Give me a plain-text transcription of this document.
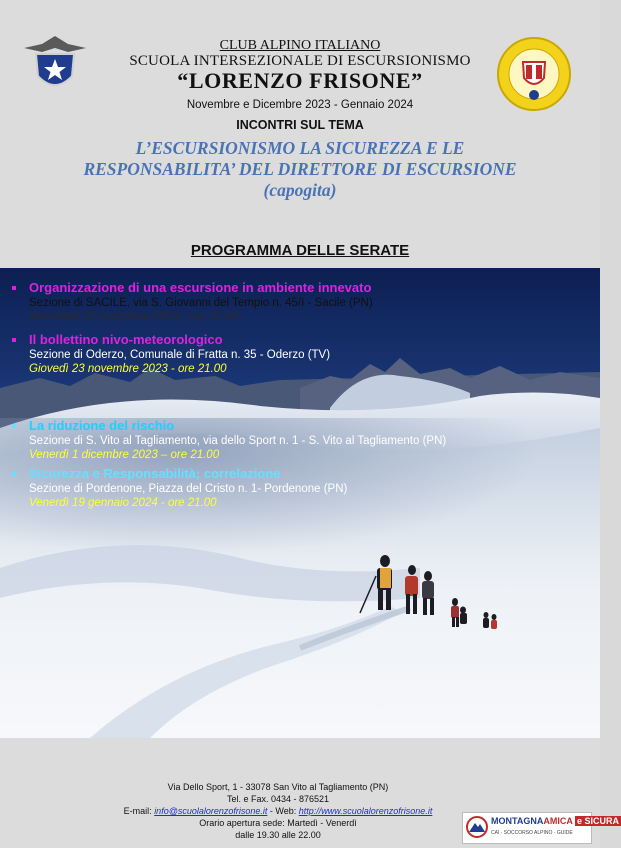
CLUB ALPINO ITALIANO
SCUOLA INTERSEZIONALE DI ESCURSIONISMO
“LORENZO FRISONE”
Novembre e Dicembre 2023 - Gennaio 2024
INCONTRI SUL TEMA
L’ESCURSIONISMO LA SICUREZZA E LE
RESPONSABILITA’ DEL DIRETTORE DI ESCURSIONE
(capogita)
PROGRAMMA DELLE SERATE
Organizzazione di una escursione in ambiente innevato
Sezione di SACILE, via S. Giovanni del Tempio n. 45/I - Sacile (PN)
Mercoledì 22 novembre 2023 - ore 21.00
Il bollettino nivo-meteorologico
Sezione di Oderzo, Comunale di Fratta n. 35 - Oderzo (TV)
Giovedì 23 novembre 2023 - ore 21.00
La riduzione del rischio
Sezione di S. Vito al Tagliamento, via dello Sport n. 1 - S. Vito al Tagliamento (PN)
Venerdì 1 dicembre 2023 – ore 21.00
Sicurezza e Responsabilità; correlazione
Sezione di Pordenone, Piazza del Cristo n. 1- Pordenone (PN)
Venerdì 19 gennaio 2024 - ore 21.00
Via Dello Sport, 1 - 33078 San Vito al Tagliamento (PN)
Tel. e Fax. 0434 - 876521
E-mail: info@scuolalorenzofrisone.it - Web: http://www.scuolalorenzofrisone.it
Orario apertura sede: Martedì - Venerdì
dalle 19.30 alle 22.00
MONTAGNAAMICA e SICURA
CAI · SOCCORSO ALPINO · GUIDE
